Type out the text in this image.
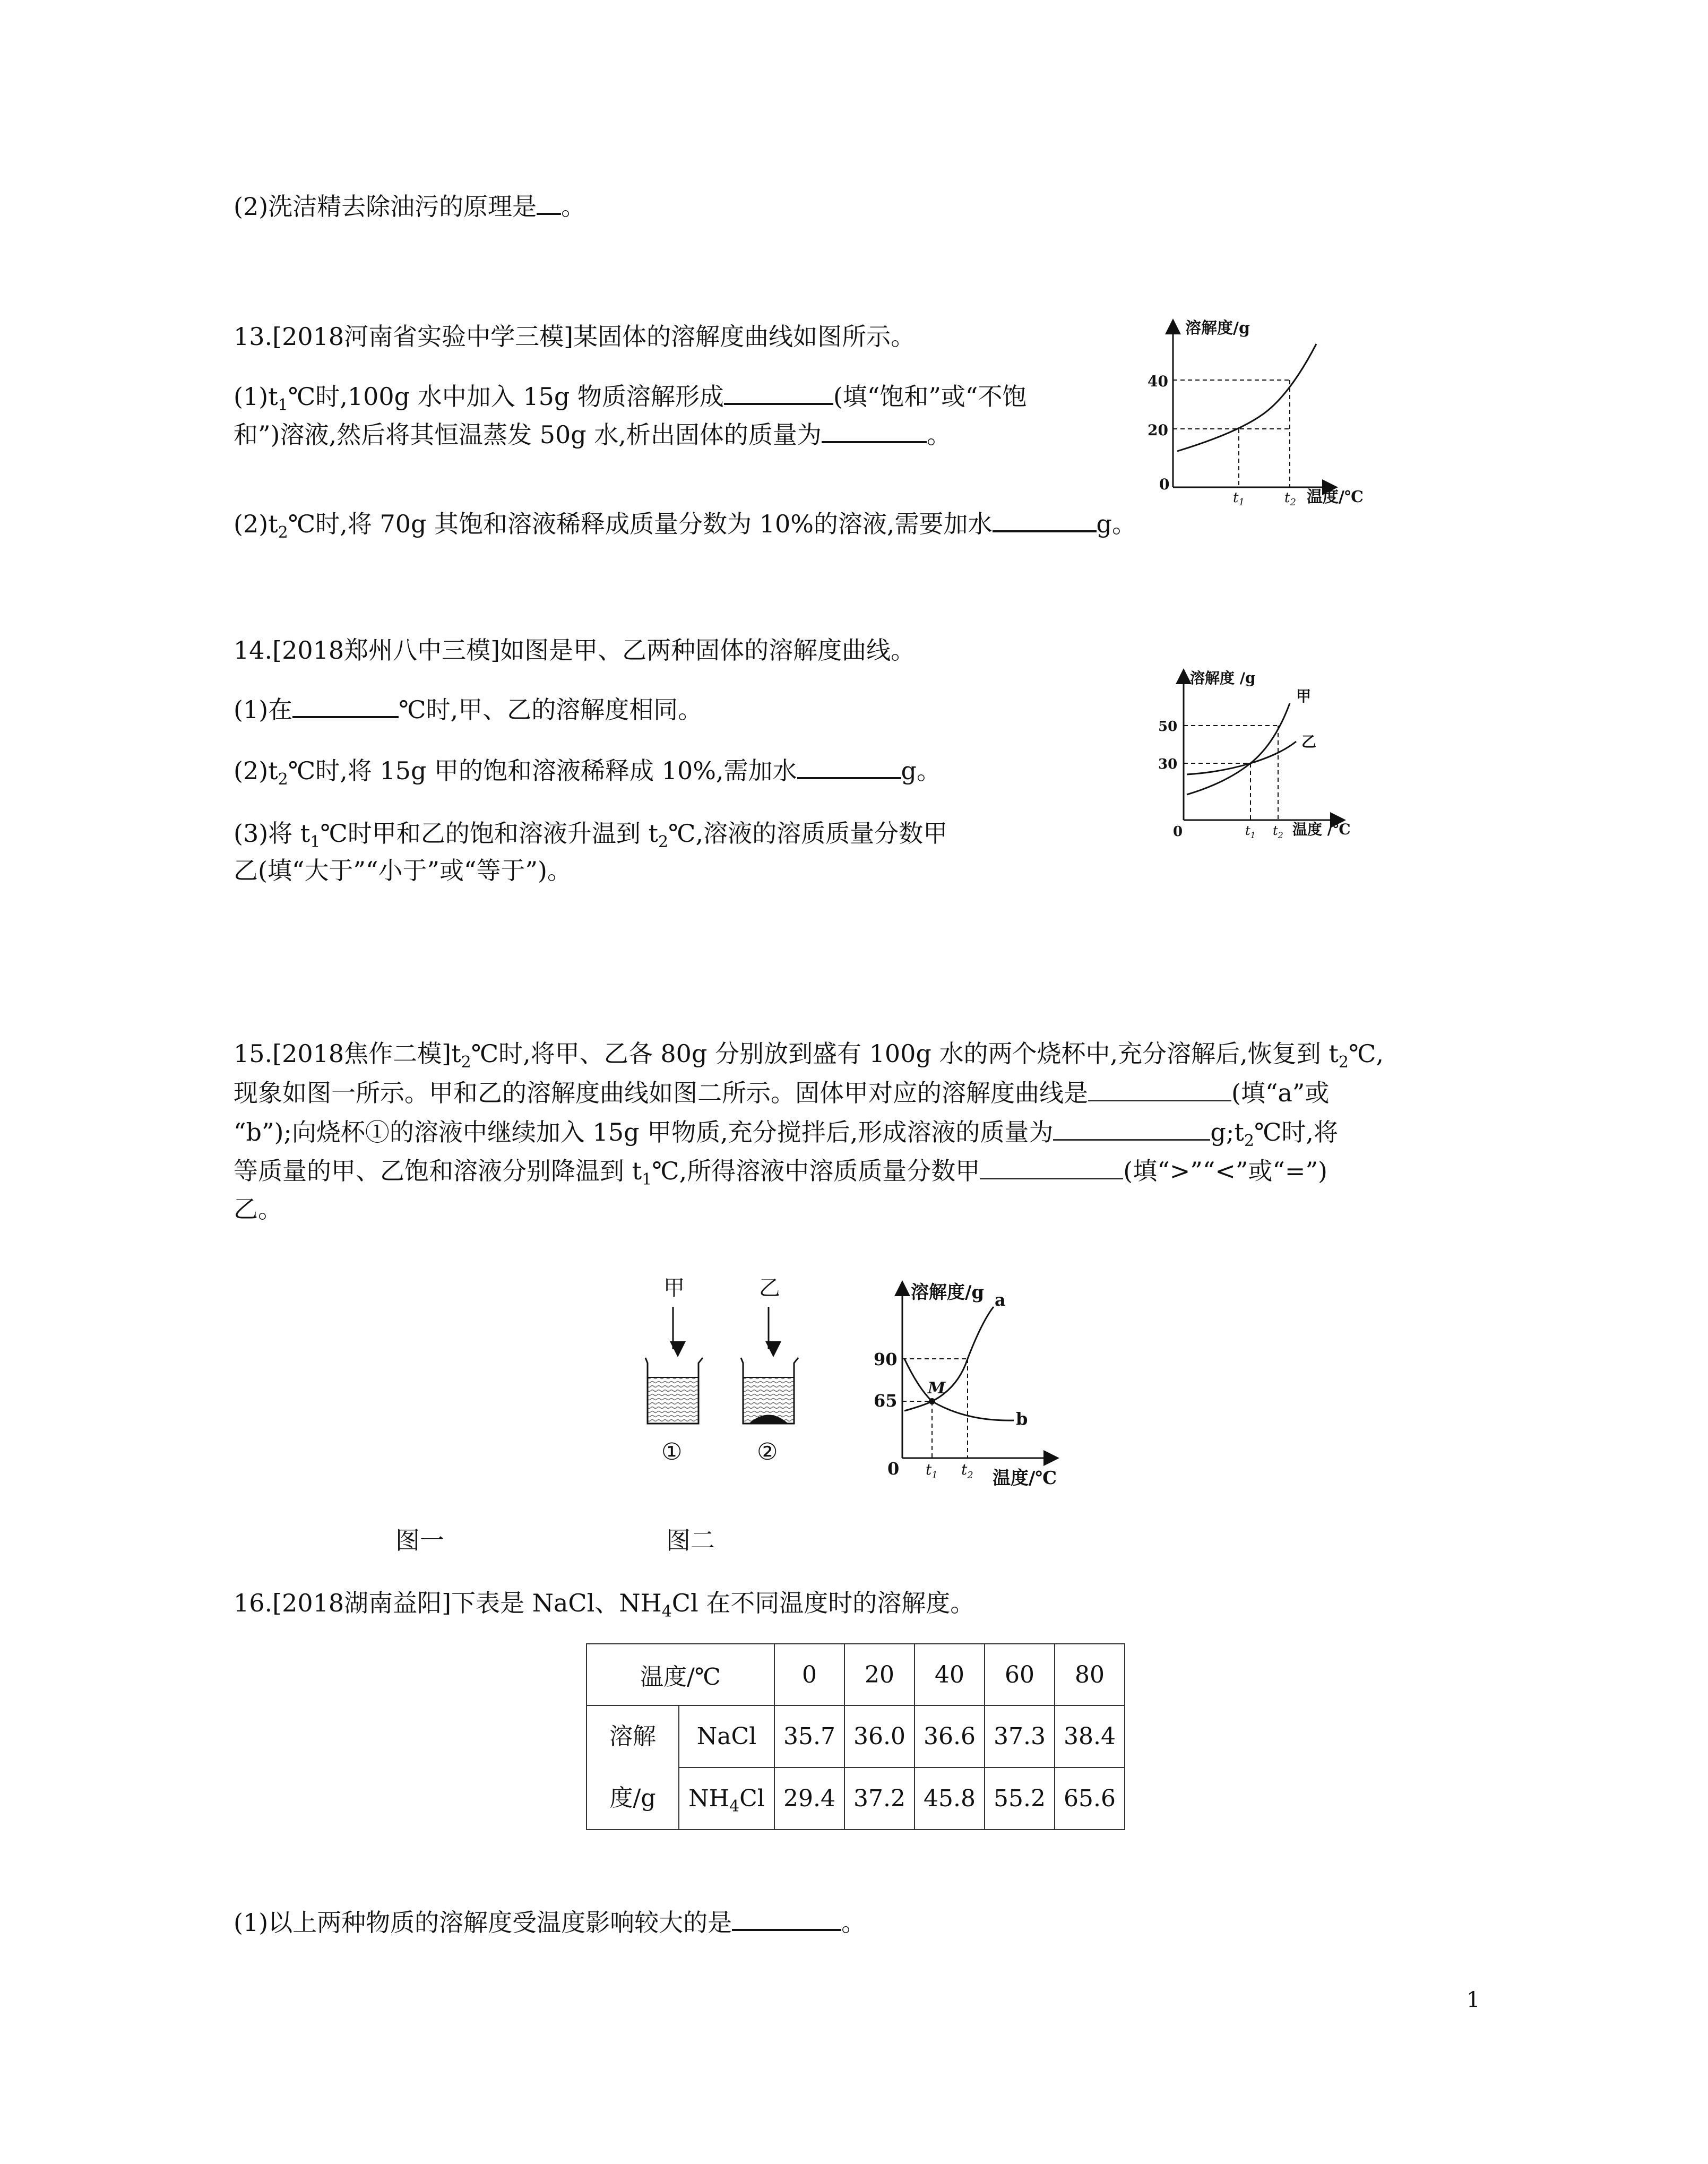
(2)洗洁精去除油污的原理是 。
13.[2018河南省实验中学三模]某固体的溶解度曲线如图所示。
$(1)t_1℃$时,100g 水中加入 15g 物质溶解形成	(填“饱和”或“不饱
和”)溶液,然后将其恒温蒸发 50g 水,析出固体的质量为	。
$(2)t_2℃$时,将 70g 其饱和溶液稀释成质量分数为 10%的溶液,需要加水	g。
溶解度/g
温度/℃
0
40
20
$t_1$	$t_2$
14.[2018郑州八中三模]如图是甲、乙两种固体的溶解度曲线。
(1)在	℃时,甲、乙的溶解度相同。
$(2)t_2℃$时,将 15g 甲的饱和溶液稀释成 10%,需加水	g。
(3)将 $t_1℃$时甲和乙的饱和溶液升温到 $t_2℃$,溶液的溶质质量分数甲
乙(填“大于”“小于”或“等于”)。
溶解度 /g
温度 /℃
0
50
30
甲
乙
$t_1$ $t_2$
15.[2018焦作二模]$t_2℃$时,将甲、乙各 80g 分别放到盛有 100g 水的两个烧杯中,充分溶解后,恢复到 $t_2℃$,
现象如图一所示。甲和乙的溶解度曲线如图二所示。固体甲对应的溶解度曲线是	(填“a”或
“b”);向烧杯①的溶液中继续加入 15g 甲物质,充分搅拌后,形成溶液的质量为	$g;t_2℃$时,将
等质量的甲、乙饱和溶液分别降温到 $t_1℃$,所得溶液中溶质质量分数甲	(填“>”“<”或“=”)
乙。
甲	乙
①	②
溶解度/g
温度/℃
0
90
65
M
a
b
$t_1$ $t_2$
图一	图二
16.[2018湖南益阳]下表是 NaCl、$NH_4Cl$ 在不同温度时的溶解度。
温度/℃		0	20	40	60	80

溶解
度/g	NaCl	35.7	36.0	36.6	37.3	38.4
	$NH_4Cl$	29.4	37.2	45.8	55.2	65.6
(1)以上两种物质的溶解度受温度影响较大的是	。
1
